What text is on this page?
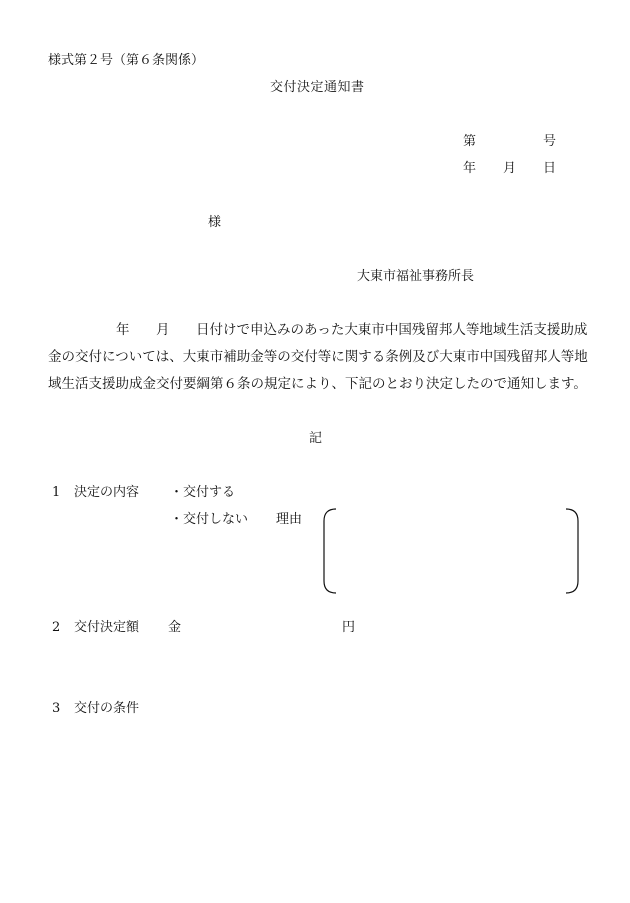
様式第２号（第６条関係）
交付決定通知書
第	号
年 月 日
様
大東市福祉事務所長
年 月 日付けで申込みのあった大東市中国残留邦人等地域生活支援助成
金の交付については、大東市補助金等の交付等に関する条例及び大東市中国残留邦人等地
域生活支援助成金交付要綱第６条の規定により、下記のとおり決定したので通知します。
記
1 決定の内容 ・交付する
・交付しない 理由
2 交付決定額 金	円
3 交付の条件
